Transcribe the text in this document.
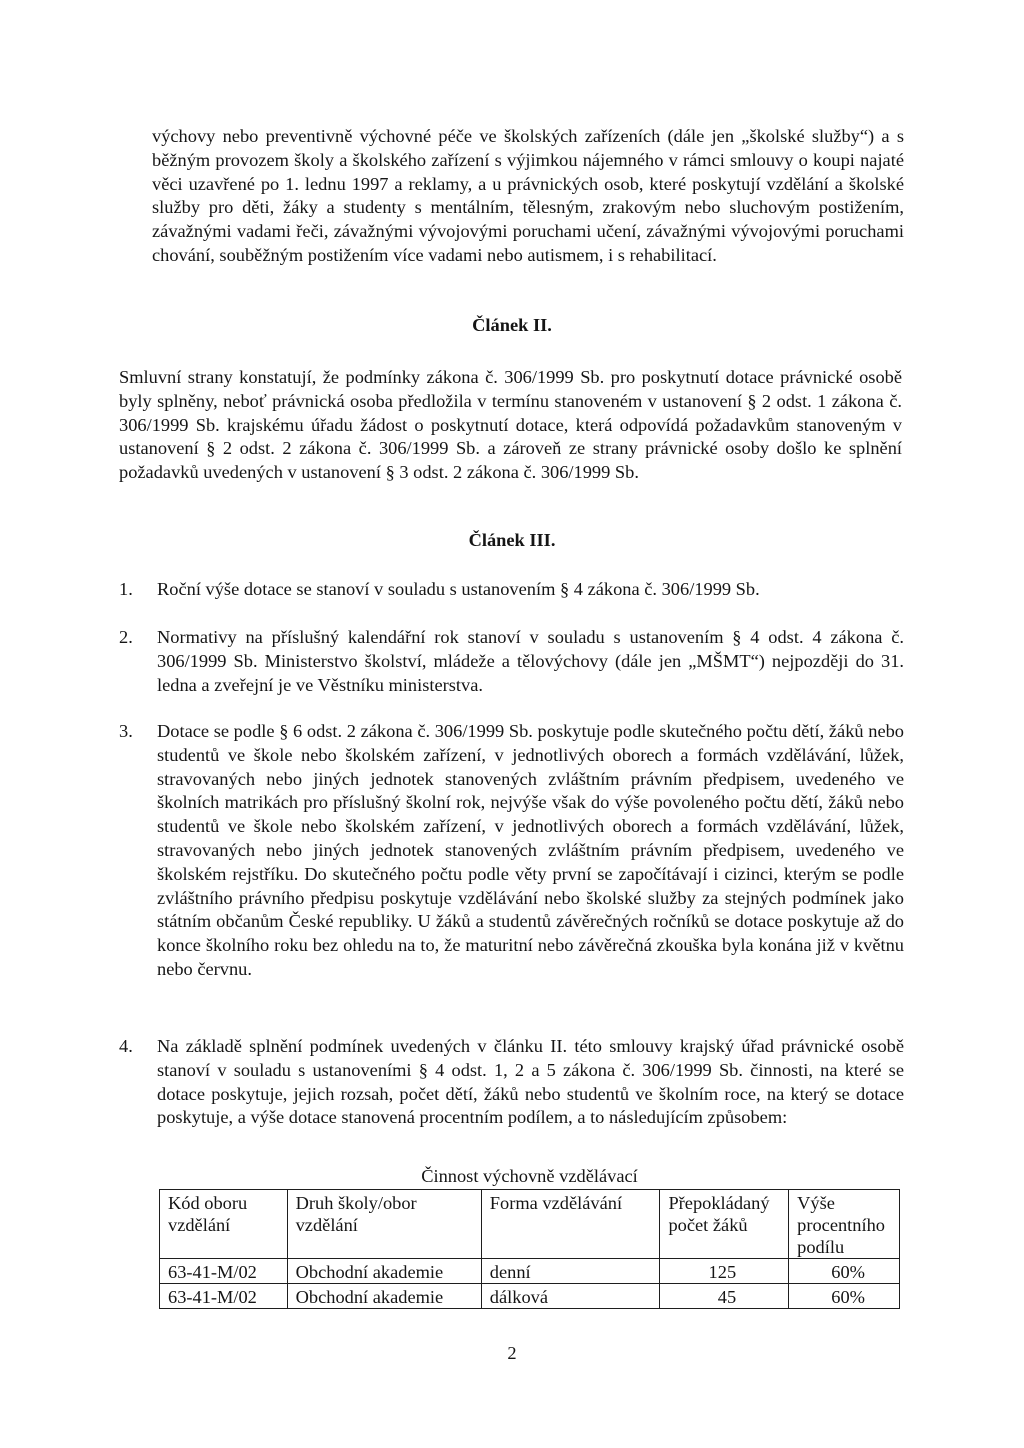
výchovy nebo preventivně výchovné péče ve školských zařízeních (dále jen „školské služby“) a s běžným provozem školy a školského zařízení s výjimkou nájemného v rámci smlouvy o koupi najaté věci uzavřené po 1. lednu 1997 a reklamy, a u právnických osob, které poskytují vzdělání a školské služby pro děti, žáky a studenty s mentálním, tělesným, zrakovým nebo sluchovým postižením, závažnými vadami řeči, závažnými vývojovými poruchami učení, závažnými vývojovými poruchami chování, souběžným postižením více vadami nebo autismem, i s rehabilitací.

Článek II.

Smluvní strany konstatují, že podmínky zákona č. 306/1999 Sb. pro poskytnutí dotace právnické osobě byly splněny, neboť právnická osoba předložila v termínu stanoveném v ustanovení § 2 odst. 1 zákona č. 306/1999 Sb. krajskému úřadu žádost o poskytnutí dotace, která odpovídá požadavkům stanoveným v ustanovení § 2 odst. 2 zákona č. 306/1999 Sb. a zároveň ze strany právnické osoby došlo ke splnění požadavků uvedených v ustanovení § 3 odst. 2 zákona č. 306/1999 Sb.

Článek III.

1.	Roční výše dotace se stanoví v souladu s ustanovením § 4 zákona č. 306/1999 Sb.
2.	Normativy na příslušný kalendářní rok stanoví v souladu s ustanovením § 4 odst. 4 zákona č. 306/1999 Sb. Ministerstvo školství, mládeže a tělovýchovy (dále jen „MŠMT“) nejpozději do 31. ledna a zveřejní je ve Věstníku ministerstva.
3.	Dotace se podle § 6 odst. 2 zákona č. 306/1999 Sb. poskytuje podle skutečného počtu dětí, žáků nebo studentů ve škole nebo školském zařízení, v jednotlivých oborech a formách vzdělávání, lůžek, stravovaných nebo jiných jednotek stanovených zvláštním právním předpisem, uvedeného ve školních matrikách pro příslušný školní rok, nejvýše však do výše povoleného počtu dětí, žáků nebo studentů ve škole nebo školském zařízení, v jednotlivých oborech a formách vzdělávání, lůžek, stravovaných nebo jiných jednotek stanovených zvláštním právním předpisem, uvedeného ve školském rejstříku. Do skutečného počtu podle věty první se započítávají i cizinci, kterým se podle zvláštního právního předpisu poskytuje vzdělávání nebo školské služby za stejných podmínek jako státním občanům České republiky. U žáků a studentů závěrečných ročníků se dotace poskytuje až do konce školního roku bez ohledu na to, že maturitní nebo závěrečná zkouška byla konána již v květnu nebo červnu.
4.	Na základě splnění podmínek uvedených v článku II. této smlouvy krajský úřad právnické osobě stanoví v souladu s ustanoveními § 4 odst. 1, 2 a 5 zákona č. 306/1999 Sb. činnosti, na které se dotace poskytuje, jejich rozsah, počet dětí, žáků nebo studentů ve školním roce, na který se dotace poskytuje, a výše dotace stanovená procentním podílem, a to následujícím způsobem:
Činnost výchovně vzdělávací
Kód oboru vzdělání	Druh školy/obor vzdělání	Forma vzdělávání	Přepokládaný počet žáků	Výše procentního podílu
63-41-M/02	Obchodní akademie	denní	125	60%
63-41-M/02	Obchodní akademie	dálková	45	60%
2
